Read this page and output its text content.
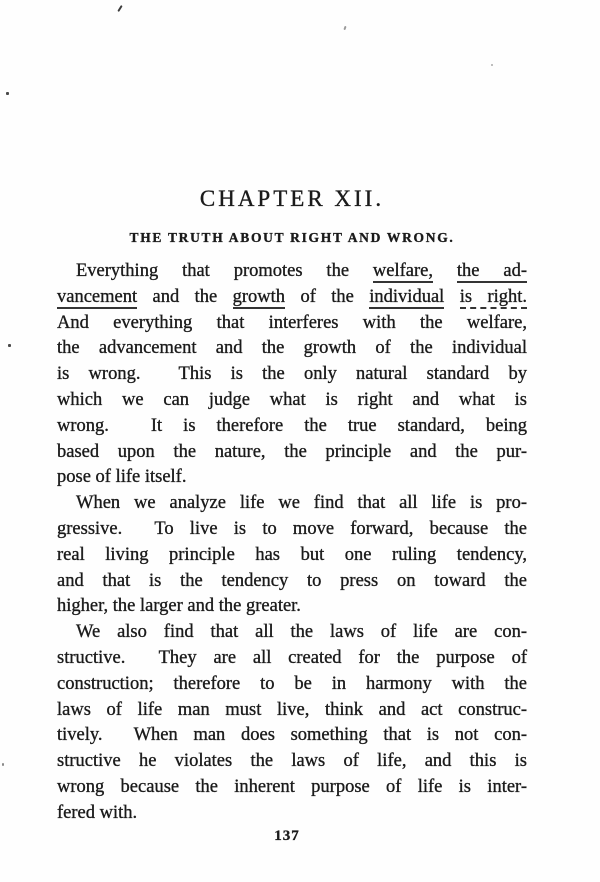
CHAPTER XII.
THE TRUTH ABOUT RIGHT AND WRONG.
Everything that promotes the welfare, the ad-
vancement and the growth of the individual is right.
And everything that interferes with the welfare,
the advancement and the growth of the individual
is wrong.  This is the only natural standard by
which we can judge what is right and what is
wrong.  It is therefore the true standard, being
based upon the nature, the principle and the pur-
pose of life itself.
When we analyze life we find that all life is pro-
gressive.  To live is to move forward, because the
real living principle has but one ruling tendency,
and that is the tendency to press on toward the
higher, the larger and the greater.
We also find that all the laws of life are con-
structive.  They are all created for the purpose of
construction; therefore to be in harmony with the
laws of life man must live, think and act construc-
tively.  When man does something that is not con-
structive he violates the laws of life, and this is
wrong because the inherent purpose of life is inter-
fered with.
137
